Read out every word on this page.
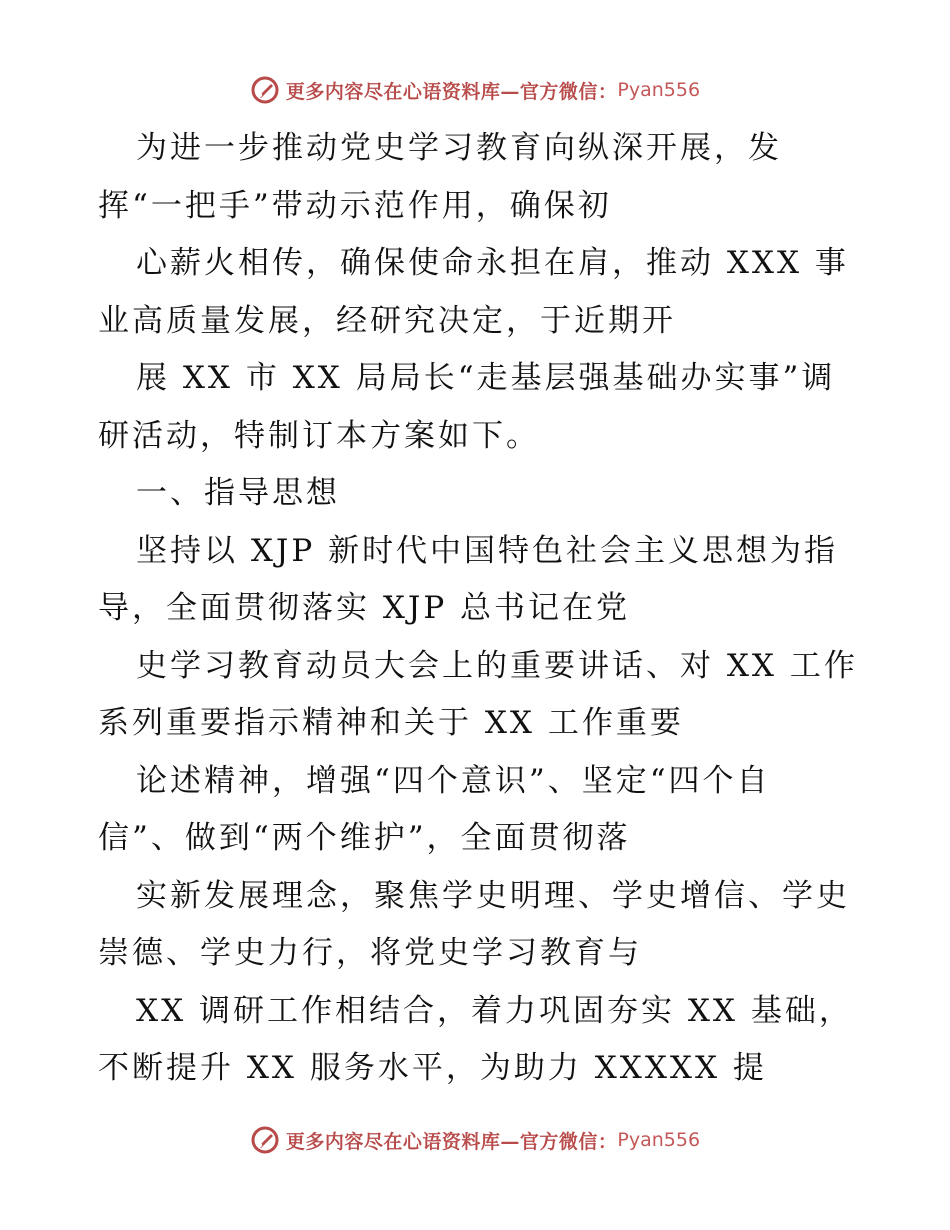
更多内容尽在心语资料库—官方微信： Pyan556
为进一步推动党史学习教育向纵深开展，发
挥“一把手”带动示范作用，确保初
心薪火相传，确保使命永担在肩，推动 XXX 事
业高质量发展，经研究决定，于近期开
展 XX 市 XX 局局长“走基层强基础办实事”调
研活动，特制订本方案如下。
一、指导思想
坚持以 XJP 新时代中国特色社会主义思想为指
导，全面贯彻落实 XJP 总书记在党
史学习教育动员大会上的重要讲话、对 XX 工作
系列重要指示精神和关于 XX 工作重要
论述精神，增强“四个意识”、坚定“四个自
信”、做到“两个维护”，全面贯彻落
实新发展理念，聚焦学史明理、学史增信、学史
崇德、学史力行，将党史学习教育与
XX 调研工作相结合，着力巩固夯实 XX 基础，
不断提升 XX 服务水平，为助力 XXXXX 提
更多内容尽在心语资料库—官方微信： Pyan556
